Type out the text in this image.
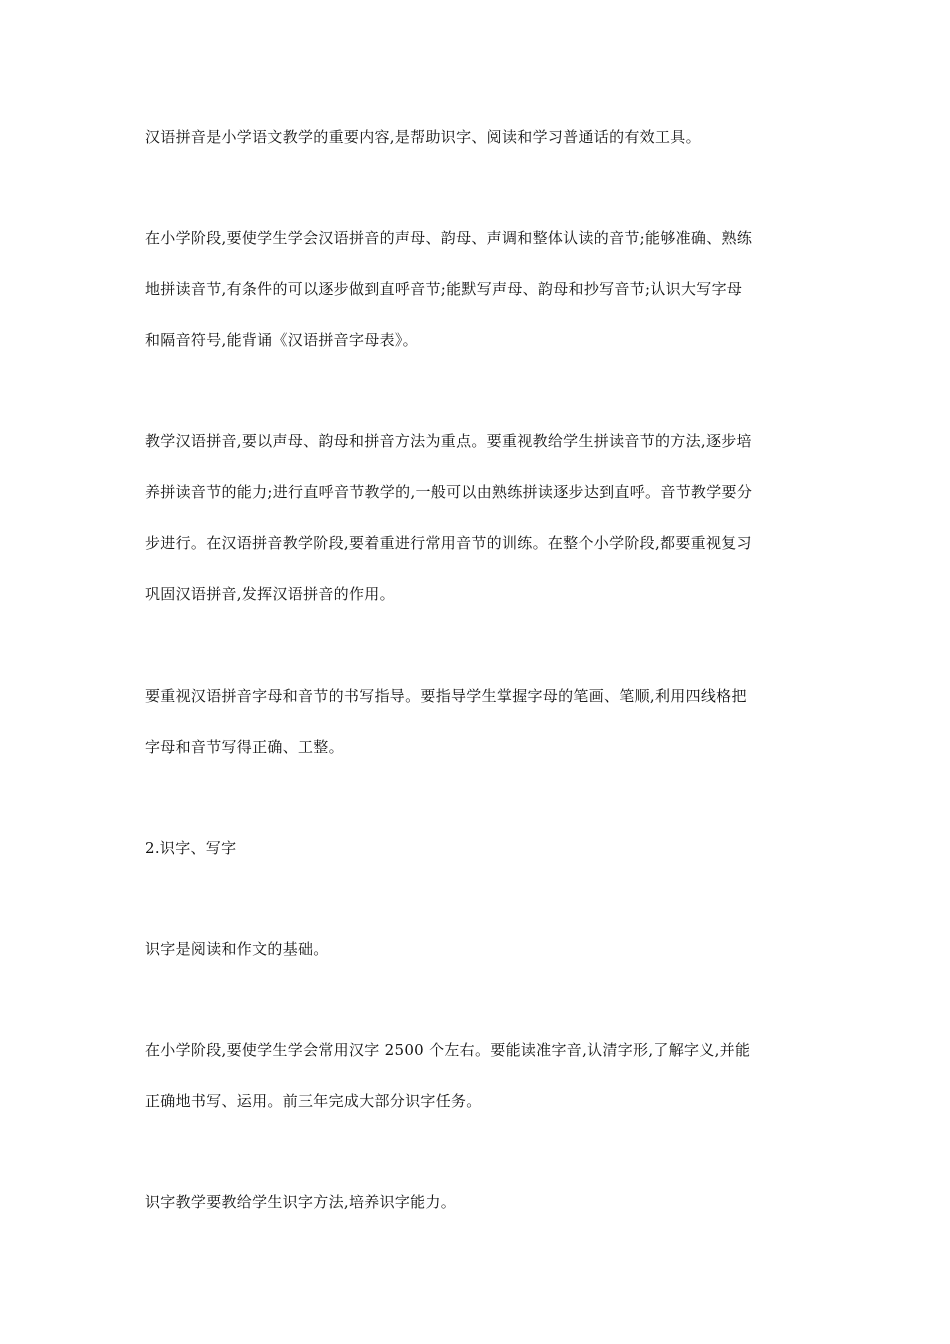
汉语拼音是小学语文教学的重要内容,是帮助识字、阅读和学习普通话的有效工具。

在小学阶段,要使学生学会汉语拼音的声母、韵母、声调和整体认读的音节;能够准确、熟练
地拼读音节,有条件的可以逐步做到直呼音节;能默写声母、韵母和抄写音节;认识大写字母
和隔音符号,能背诵《汉语拼音字母表》。

教学汉语拼音,要以声母、韵母和拼音方法为重点。要重视教给学生拼读音节的方法,逐步培
养拼读音节的能力;进行直呼音节教学的,一般可以由熟练拼读逐步达到直呼。音节教学要分
步进行。在汉语拼音教学阶段,要着重进行常用音节的训练。在整个小学阶段,都要重视复习
巩固汉语拼音,发挥汉语拼音的作用。

要重视汉语拼音字母和音节的书写指导。要指导学生掌握字母的笔画、笔顺,利用四线格把
字母和音节写得正确、工整。

2.识字、写字

识字是阅读和作文的基础。

在小学阶段,要使学生学会常用汉字 2500 个左右。要能读准字音,认清字形,了解字义,并能
正确地书写、运用。前三年完成大部分识字任务。

识字教学要教给学生识字方法,培养识字能力。
